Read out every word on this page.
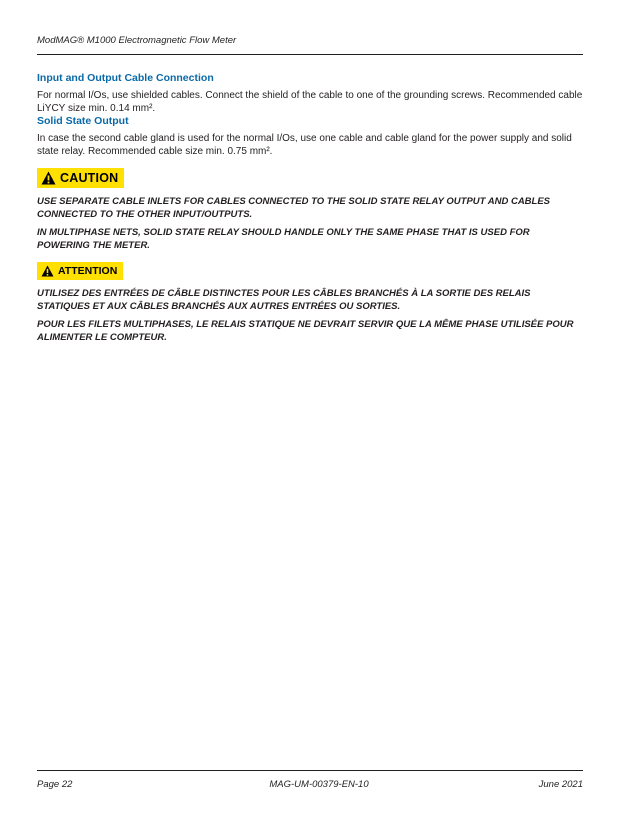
ModMAG® M1000 Electromagnetic Flow Meter
Input and Output Cable Connection

For normal I/Os, use shielded cables. Connect the shield of the cable to one of the grounding screws. Recommended cable LiYCY size min. 0.14 mm².

Solid State Output

In case the second cable gland is used for the normal I/Os, use one cable and cable gland for the power supply and solid state relay. Recommended cable size min. 0.75 mm².

CAUTION

USE SEPARATE CABLE INLETS FOR CABLES CONNECTED TO THE SOLID STATE RELAY OUTPUT AND CABLES CONNECTED TO THE OTHER INPUT/OUTPUTS.

IN MULTIPHASE NETS, SOLID STATE RELAY SHOULD HANDLE ONLY THE SAME PHASE THAT IS USED FOR POWERING THE METER.

ATTENTION

UTILISEZ DES ENTRÉES DE CÂBLE DISTINCTES POUR LES CÂBLES BRANCHÉS À LA SORTIE DES RELAIS STATIQUES ET AUX CÂBLES BRANCHÉS AUX AUTRES ENTRÉES OU SORTIES.

POUR LES FILETS MULTIPHASES, LE RELAIS STATIQUE NE DEVRAIT SERVIR QUE LA MÊME PHASE UTILISÉE POUR ALIMENTER LE COMPTEUR.

Page 22	MAG-UM-00379-EN-10	June 2021
